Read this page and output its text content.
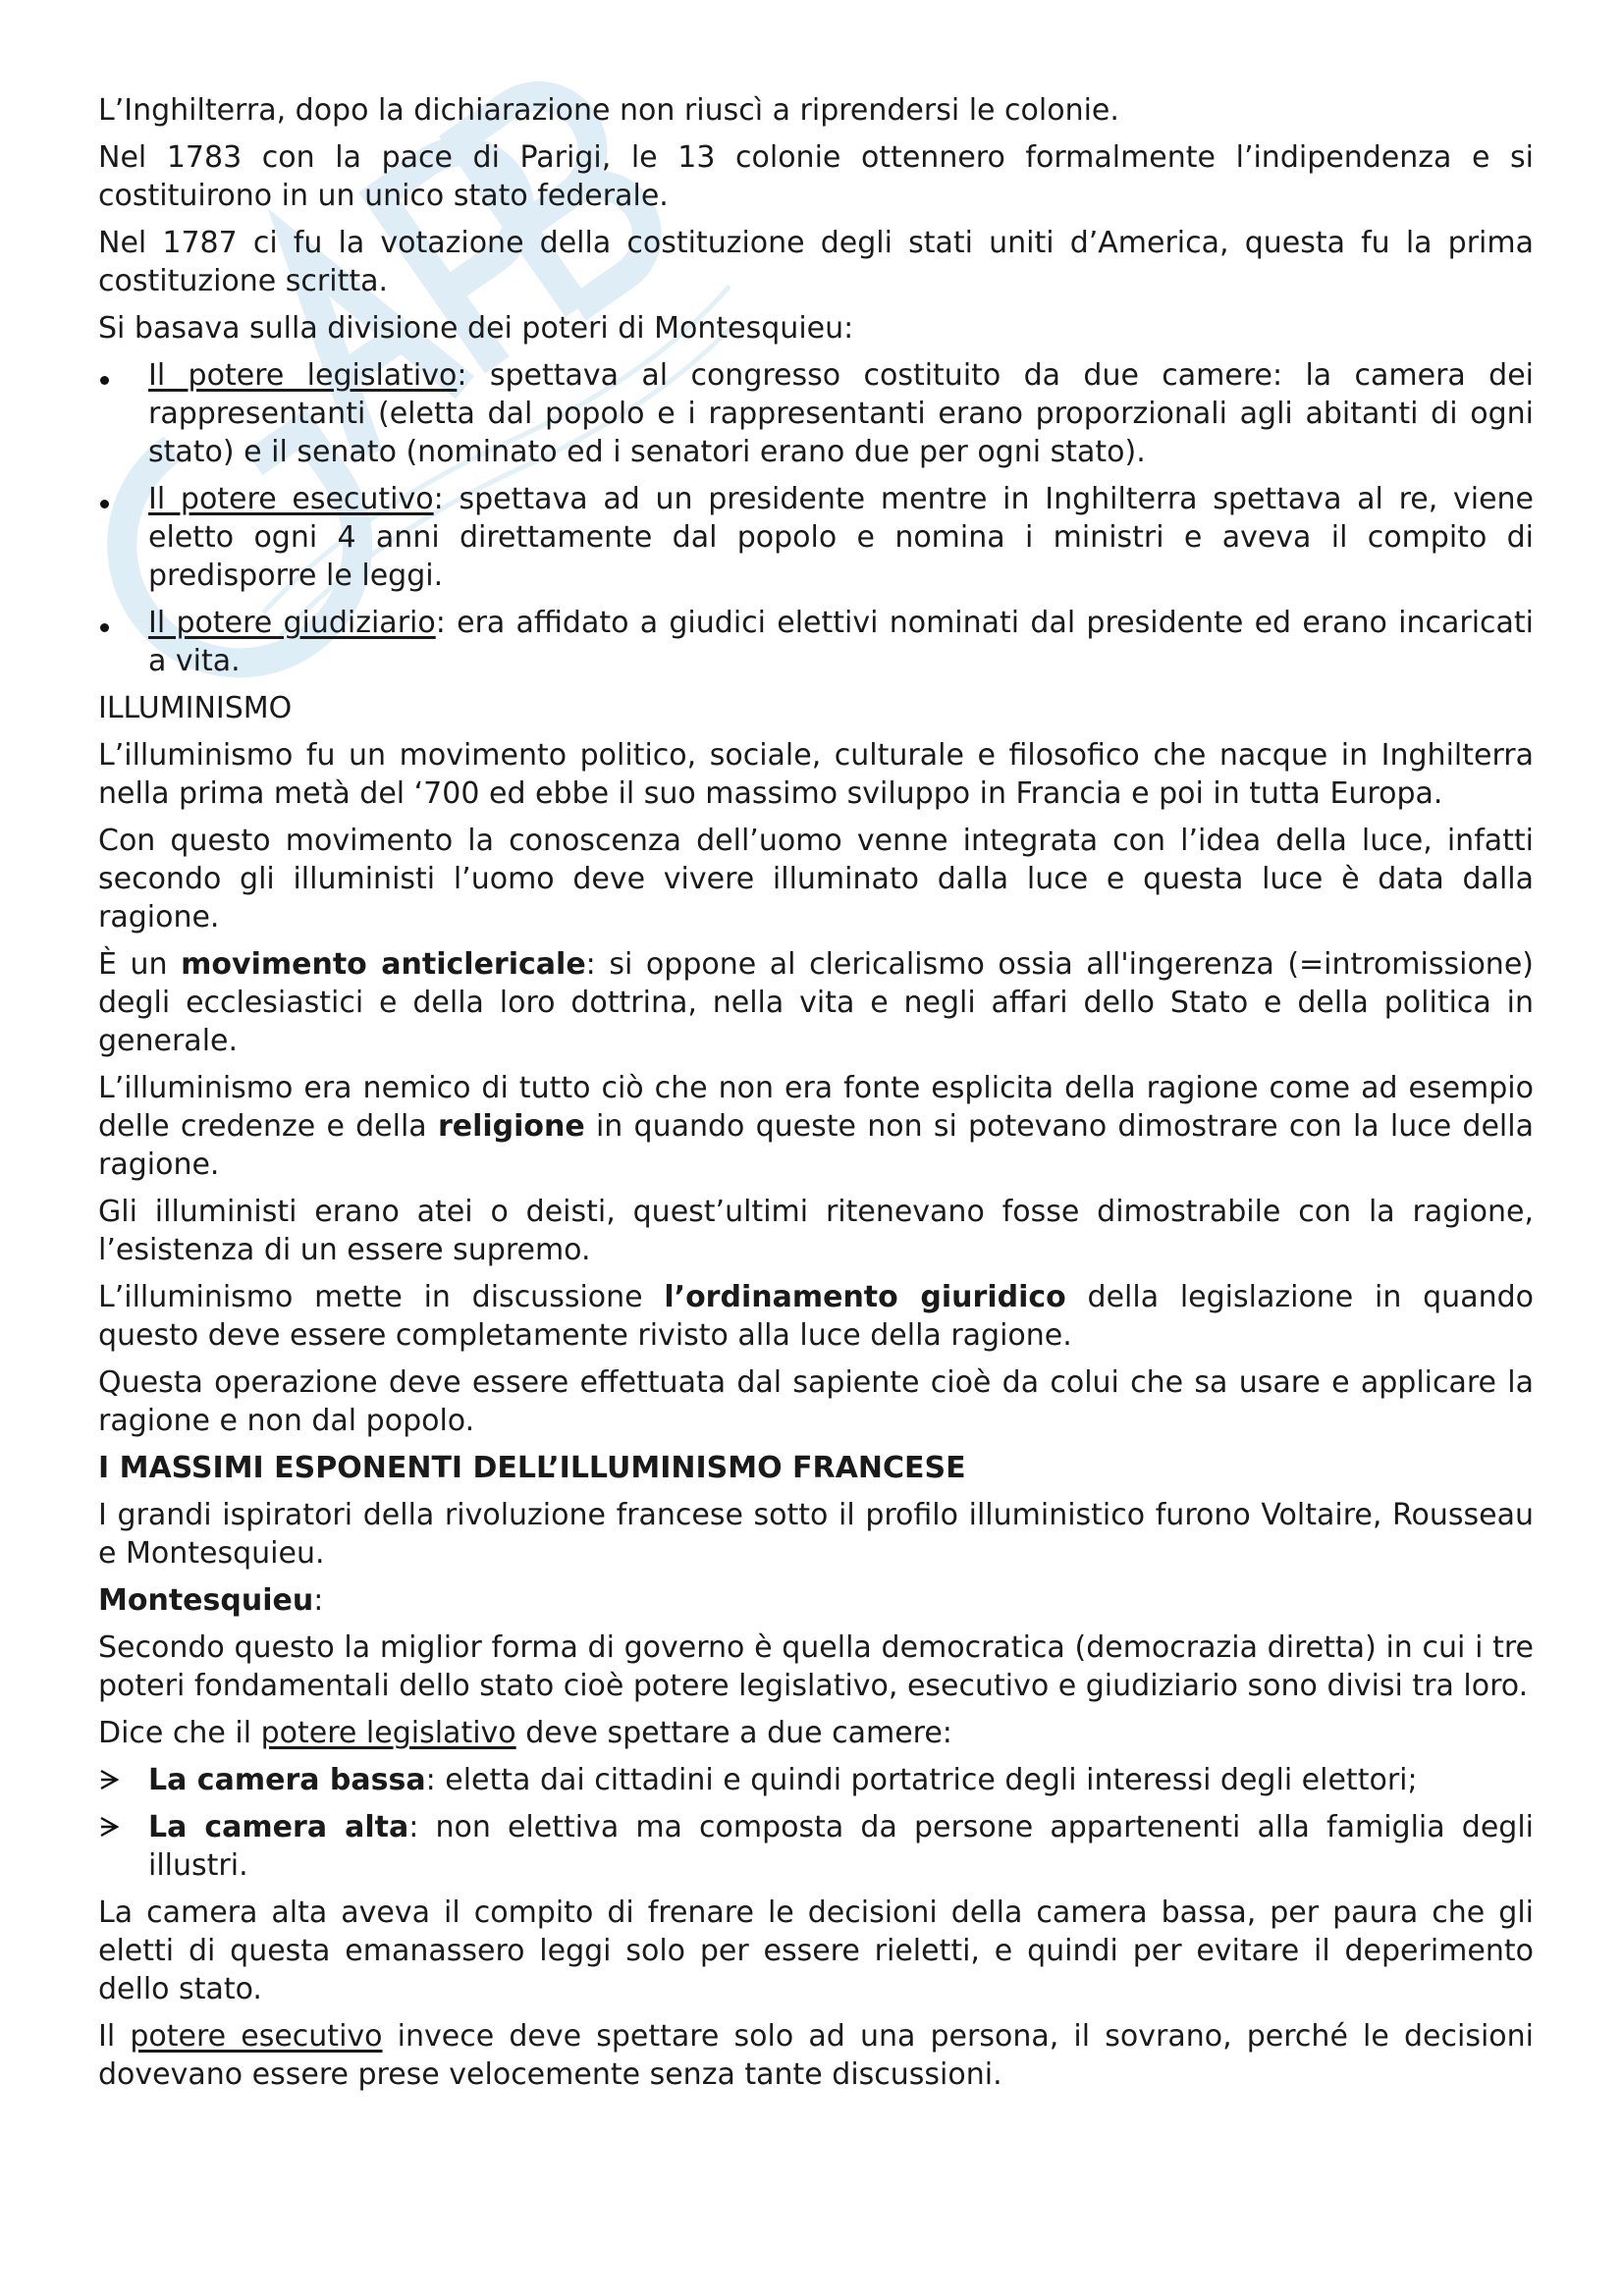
L’Inghilterra, dopo la dichiarazione non riuscì a riprendersi le colonie.

Nel 1783 con la pace di Parigi, le 13 colonie ottennero formalmente l’indipendenza e si costituirono in un unico stato federale.

Nel 1787 ci fu la votazione della costituzione degli stati uniti d’America, questa fu la prima costituzione scritta.

Si basava sulla divisione dei poteri di Montesquieu:

Il potere legislativo: spettava al congresso costituito da due camere: la camera dei rappresentanti (eletta dal popolo e i rappresentanti erano proporzionali agli abitanti di ogni stato) e il senato (nominato ed i senatori erano due per ogni stato).
Il potere esecutivo: spettava ad un presidente mentre in Inghilterra spettava al re, viene eletto ogni 4 anni direttamente dal popolo e nomina i ministri e aveva il compito di predisporre le leggi.
Il potere giudiziario: era affidato a giudici elettivi nominati dal presidente ed erano incaricati a vita.

ILLUMINISMO

L’illuminismo fu un movimento politico, sociale, culturale e filosofico che nacque in Inghilterra nella prima metà del ‘700 ed ebbe il suo massimo sviluppo in Francia e poi in tutta Europa.

Con questo movimento la conoscenza dell’uomo venne integrata con l’idea della luce, infatti secondo gli illuministi l’uomo deve vivere illuminato dalla luce e questa luce è data dalla ragione.

È un movimento anticlericale: si oppone al clericalismo ossia all'ingerenza (=intromissione) degli ecclesiastici e della loro dottrina, nella vita e negli affari dello Stato e della politica in generale.

L’illuminismo era nemico di tutto ciò che non era fonte esplicita della ragione come ad esempio delle credenze e della religione in quando queste non si potevano dimostrare con la luce della ragione.

Gli illuministi erano atei o deisti, quest’ultimi ritenevano fosse dimostrabile con la ragione, l’esistenza di un essere supremo.

L’illuminismo mette in discussione l’ordinamento giuridico della legislazione in quando questo deve essere completamente rivisto alla luce della ragione.

Questa operazione deve essere effettuata dal sapiente cioè da colui che sa usare e applicare la ragione e non dal popolo.

I MASSIMI ESPONENTI DELL’ILLUMINISMO FRANCESE

I grandi ispiratori della rivoluzione francese sotto il profilo illuministico furono Voltaire, Rousseau e Montesquieu.

Montesquieu:

Secondo questo la miglior forma di governo è quella democratica (democrazia diretta) in cui i tre poteri fondamentali dello stato cioè potere legislativo, esecutivo e giudiziario sono divisi tra loro.

Dice che il potere legislativo deve spettare a due camere:

La camera bassa: eletta dai cittadini e quindi portatrice degli interessi degli elettori;
La camera alta: non elettiva ma composta da persone appartenenti alla famiglia degli illustri.

La camera alta aveva il compito di frenare le decisioni della camera bassa, per paura che gli eletti di questa emanassero leggi solo per essere rieletti, e quindi per evitare il deperimento dello stato.

Il potere esecutivo invece deve spettare solo ad una persona, il sovrano, perché le decisioni dovevano essere prese velocemente senza tante discussioni.
